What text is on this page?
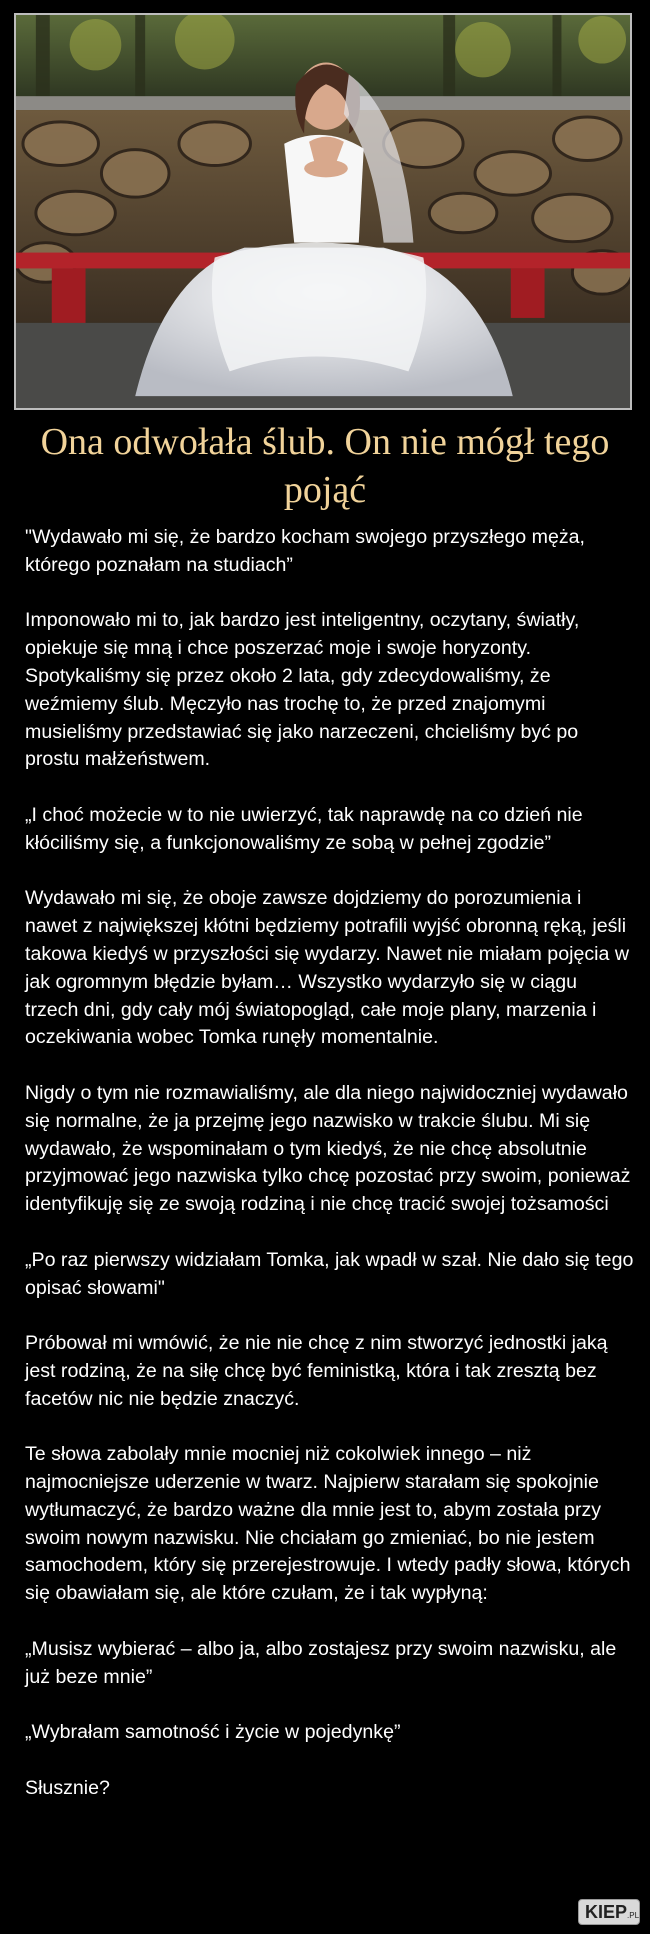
Ona odwołała ślub. On nie mógł tego pojąć

"Wydawało mi się, że bardzo kocham swojego przyszłego męża, którego poznałam na studiach”

Imponowało mi to, jak bardzo jest inteligentny, oczytany, światły, opiekuje się mną i chce poszerzać moje i swoje horyzonty. Spotykaliśmy się przez około 2 lata, gdy zdecydowaliśmy, że weźmiemy ślub. Męczyło nas trochę to, że przed znajomymi musieliśmy przedstawiać się jako narzeczeni, chcieliśmy być po prostu małżeństwem.

„I choć możecie w to nie uwierzyć, tak naprawdę na co dzień nie kłóciliśmy się, a funkcjonowaliśmy ze sobą w pełnej zgodzie”

Wydawało mi się, że oboje zawsze dojdziemy do porozumienia i nawet z największej kłótni będziemy potrafili wyjść obronną ręką, jeśli takowa kiedyś w przyszłości się wydarzy. Nawet nie miałam pojęcia w jak ogromnym błędzie byłam… Wszystko wydarzyło się w ciągu trzech dni, gdy cały mój światopogląd, całe moje plany, marzenia i oczekiwania wobec Tomka runęły momentalnie.

Nigdy o tym nie rozmawialiśmy, ale dla niego najwidoczniej wydawało się normalne, że ja przejmę jego nazwisko w trakcie ślubu. Mi się wydawało, że wspominałam o tym kiedyś, że nie chcę absolutnie przyjmować jego nazwiska tylko chcę pozostać przy swoim, ponieważ identyfikuję się ze swoją rodziną i nie chcę tracić swojej tożsamości

„Po raz pierwszy widziałam Tomka, jak wpadł w szał. Nie dało się tego opisać słowami"

Próbował mi wmówić, że nie nie chcę z nim stworzyć jednostki jaką jest rodziną, że na siłę chcę być feministką, która i tak zresztą bez facetów nic nie będzie znaczyć.

Te słowa zabolały mnie mocniej niż cokolwiek innego – niż najmocniejsze uderzenie w twarz. Najpierw starałam się spokojnie wytłumaczyć, że bardzo ważne dla mnie jest to, abym została przy swoim nowym nazwisku. Nie chciałam go zmieniać, bo nie jestem samochodem, który się przerejestrowuje. I wtedy padły słowa, których się obawiałam się, ale które czułam, że i tak wypłyną:

„Musisz wybierać – albo ja, albo zostajesz przy swoim nazwisku, ale już beze mnie”

„Wybrałam samotność i życie w pojedynkę”

Słusznie?

KIEP.PL
